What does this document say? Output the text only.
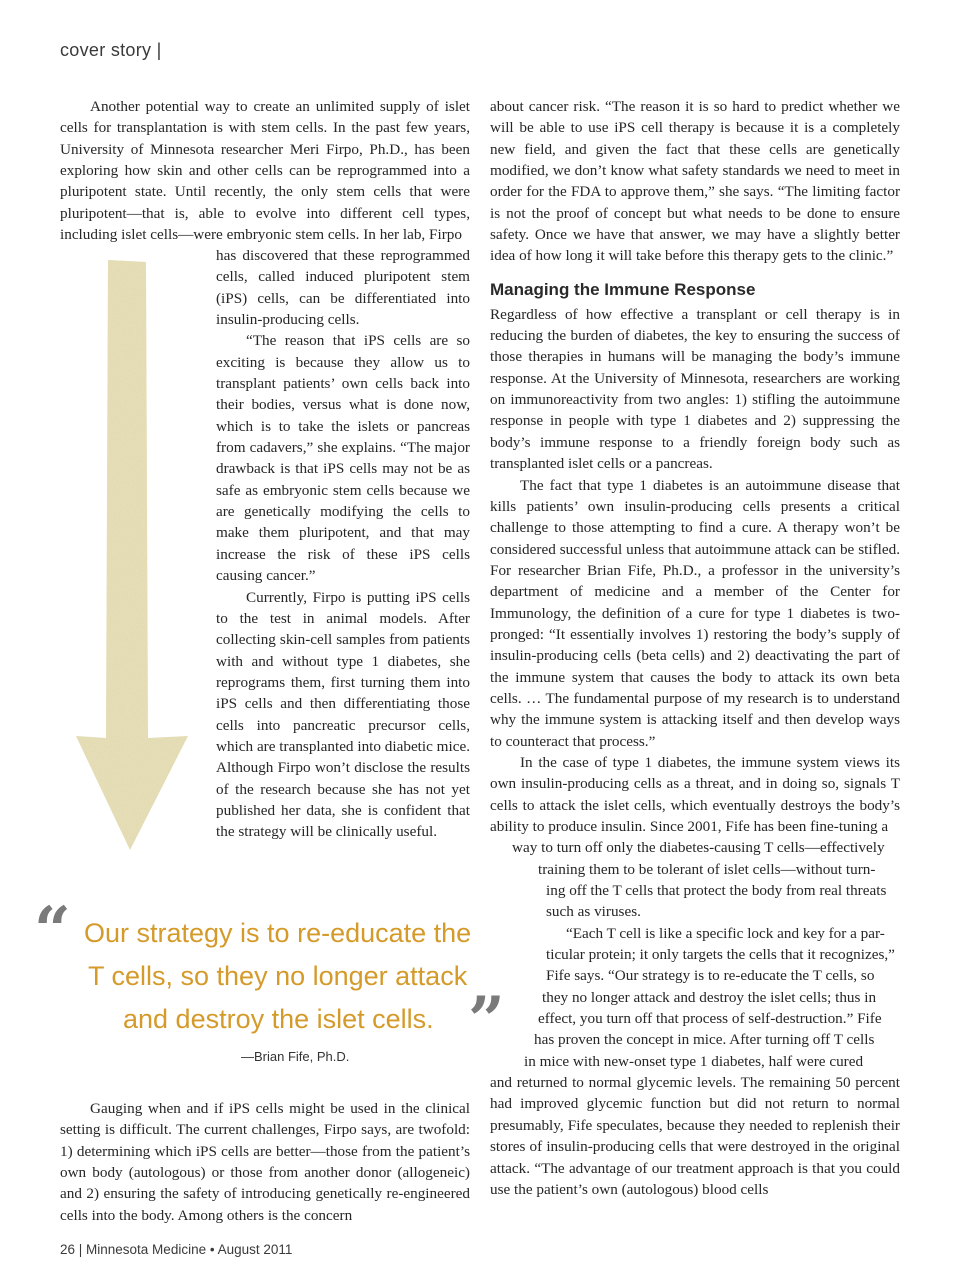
cover story |

Another potential way to create an unlimited supply of islet cells for transplantation is with stem cells. In the past few years, University of Minnesota researcher Meri Firpo, Ph.D., has been exploring how skin and other cells can be reprogrammed into a pluripotent state. Until recently, the only stem cells that were pluripotent—that is, able to evolve into different cell types, including islet cells—were embryonic stem cells. In her lab, Firpo

has discovered that these reprogrammed cells, called induced pluripotent stem (iPS) cells, can be differentiated into insulin-producing cells.

“The reason that iPS cells are so exciting is because they allow us to transplant patients’ own cells back into their bodies, versus what is done now, which is to take the islets or pancreas from cadavers,” she explains. “The major drawback is that iPS cells may not be as safe as embryonic stem cells because we are genetically modifying the cells to make them pluripotent, and that may increase the risk of these iPS cells causing cancer.”

Currently, Firpo is putting iPS cells to the test in animal models. After collecting skin-cell samples from patients with and without type 1 diabetes, she reprograms them, first turning them into iPS cells and then differentiating those cells into pancreatic precursor cells, which are transplanted into diabetic mice. Although Firpo won’t disclose the results of the research because she has not yet published her data, she is confident that the strategy will be clinically useful.

“ Our strategy is to re-educate the
T cells, so they no longer attack
and destroy the islet cells. ”
—Brian Fife, Ph.D.

Gauging when and if iPS cells might be used in the clinical setting is difficult. The current challenges, Firpo says, are twofold: 1) determining which iPS cells are better—those from the patient’s own body (autologous) or those from another donor (allogeneic) and 2) ensuring the safety of introducing genetically re-engineered cells into the body. Among others is the concern

about cancer risk. “The reason it is so hard to predict whether we will be able to use iPS cell therapy is because it is a completely new field, and given the fact that these cells are genetically modified, we don’t know what safety standards we need to meet in order for the FDA to approve them,” she says. “The limiting factor is not the proof of concept but what needs to be done to ensure safety. Once we have that answer, we may have a slightly better idea of how long it will take before this therapy gets to the clinic.”

Managing the Immune Response

Regardless of how effective a transplant or cell therapy is in reducing the burden of diabetes, the key to ensuring the success of those therapies in humans will be managing the body’s immune response. At the University of Minnesota, researchers are working on immunoreactivity from two angles: 1) stifling the autoimmune response in people with type 1 diabetes and 2) suppressing the body’s immune response to a friendly foreign body such as transplanted islet cells or a pancreas.

The fact that type 1 diabetes is an autoimmune disease that kills patients’ own insulin-producing cells presents a critical challenge to those attempting to find a cure. A therapy won’t be considered successful unless that autoimmune attack can be stifled. For researcher Brian Fife, Ph.D., a professor in the university’s department of medicine and a member of the Center for Immunology, the definition of a cure for type 1 diabetes is two-pronged: “It essentially involves 1) restoring the body’s supply of insulin-producing cells (beta cells) and 2) deactivating the part of the immune system that causes the body to attack its own beta cells. … The fundamental purpose of my research is to understand why the immune system is attacking itself and then develop ways to counteract that process.”

In the case of type 1 diabetes, the immune system views its own insulin-producing cells as a threat, and in doing so, signals T cells to attack the islet cells, which eventually destroys the body’s ability to produce insulin. Since 2001, Fife has been fine-tuning a

way to turn off only the diabetes-causing T cells—effectively

training them to be tolerant of islet cells—without turn-

ing off the T cells that protect the body from real threats

such as viruses.

“Each T cell is like a specific lock and key for a par-

ticular protein; it only targets the cells that it recognizes,”

Fife says. “Our strategy is to re-educate the T cells, so

they no longer attack and destroy the islet cells; thus in

effect, you turn off that process of self-destruction.” Fife

has proven the concept in mice. After turning off T cells

in mice with new-onset type 1 diabetes, half were cured

and returned to normal glycemic levels. The remaining 50 percent had improved glycemic function but did not return to normal presumably, Fife speculates, because they needed to replenish their stores of insulin-producing cells that were destroyed in the original attack. “The advantage of our treatment approach is that you could use the patient’s own (autologous) blood cells

26 | Minnesota Medicine • August 2011
